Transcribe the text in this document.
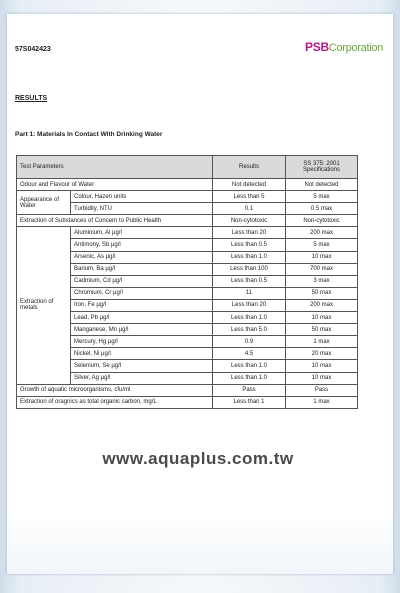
57S042423	PSBCorporation
RESULTS
Part 1: Materials In Contact With Drinking Water
Test Parameters		Results	SS 375: 2001 Specifications
Odour and Flavour of Water		Not detected	Not detected
Appearance of Water	Colour, Hazen units	Less than 5	5 max
	Turbidity, NTU	0.1	0.5 max
Extraction of Substances of Concern to Public Health		Non-cytotoxic	Non-cytotoxic
Extraction of metals	Aluminium, Al µg/l	Less than 20	200 max
	Antimony, Sb µg/l	Less than 0.5	5 max
	Arsenic, As µg/l	Less than 1.0	10 max
	Barium, Ba µg/l	Less than 100	700 max
	Cadmium, Cd µg/l	Less than 0.5	3 max
	Chromium, Cr µg/l	11	50 max
	Iron, Fe µg/l	Less than 20	200 max
	Lead, Pb µg/l	Less than 1.0	10 max
	Manganese, Mn µg/l	Less than 5.0	50 max
	Mercury, Hg µg/l	0.9	1 max
	Nickel, Ni µg/l	4.5	20 max
	Selenium, Se µg/l	Less than 1.0	10 max
	Silver, Ag µg/l	Less than 1.0	10 max
Growth of aquatic microorganisms, cfu/ml		Pass	Pass
Extraction of oragnics as total organic carbon, mg/L		Less than 1	1 max
www.aquaplus.com.tw
